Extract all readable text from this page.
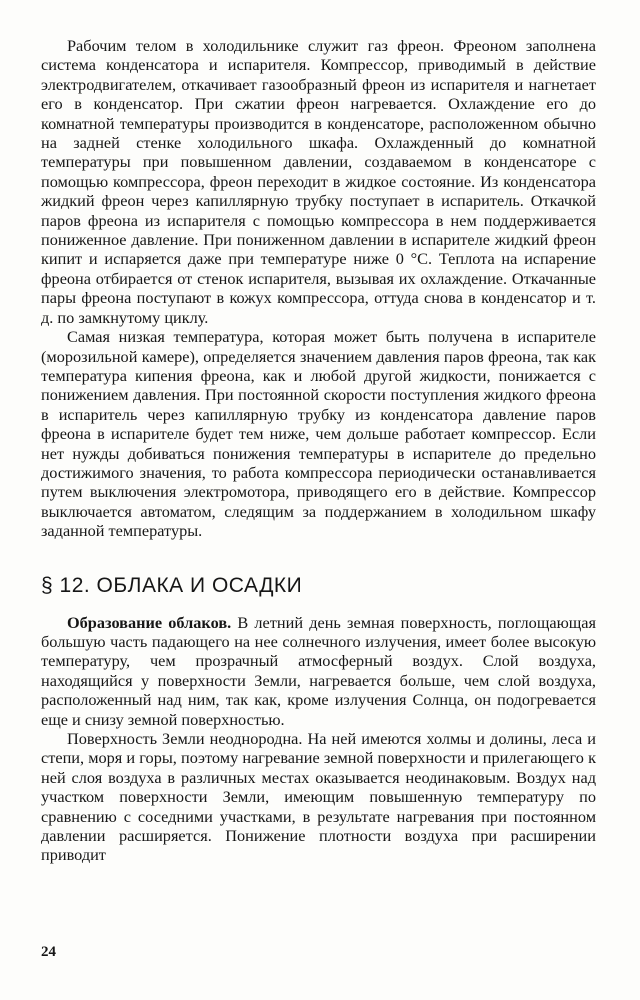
Рабочим телом в холодильнике служит газ фреон. Фреоном заполнена система конденсатора и испарителя. Компрессор, приводимый в действие электродвигателем, откачивает газообразный фреон из испарителя и нагнетает его в конденсатор. При сжатии фреон нагревается. Охлаждение его до комнатной температуры производится в конденсаторе, расположенном обычно на задней стенке холодильного шкафа. Охлажденный до комнатной температуры при повышенном давлении, создаваемом в конденсаторе с помощью компрессора, фреон переходит в жидкое состояние. Из конденсатора жидкий фреон через капиллярную трубку поступает в испаритель. Откачкой паров фреона из испарителя с помощью компрессора в нем поддерживается пониженное давление. При пониженном давлении в испарителе жидкий фреон кипит и испаряется даже при температуре ниже 0 °С. Теплота на испарение фреона отбирается от стенок испарителя, вызывая их охлаждение. Откачанные пары фреона поступают в кожух компрессора, оттуда снова в конденсатор и т. д. по замкнутому циклу.

Самая низкая температура, которая может быть получена в испарителе (морозильной камере), определяется значением давления паров фреона, так как температура кипения фреона, как и любой другой жидкости, понижается с понижением давления. При постоянной скорости поступления жидкого фреона в испаритель через капиллярную трубку из конденсатора давление паров фреона в испарителе будет тем ниже, чем дольше работает компрессор. Если нет нужды добиваться понижения температуры в испарителе до предельно достижимого значения, то работа компрессора периодически останавливается путем выключения электромотора, приводящего его в действие. Компрессор выключается автоматом, следящим за поддержанием в холодильном шкафу заданной температуры.

§ 12. ОБЛАКА И ОСАДКИ

Образование облаков. В летний день земная поверхность, поглощающая большую часть падающего на нее солнечного излучения, имеет более высокую температуру, чем прозрачный атмосферный воздух. Слой воздуха, находящийся у поверхности Земли, нагревается больше, чем слой воздуха, расположенный над ним, так как, кроме излучения Солнца, он подогревается еще и снизу земной поверхностью.

Поверхность Земли неоднородна. На ней имеются холмы и долины, леса и степи, моря и горы, поэтому нагревание земной поверхности и прилегающего к ней слоя воздуха в различных местах оказывается неодинаковым. Воздух над участком поверхности Земли, имеющим повышенную температуру по сравнению с соседними участками, в результате нагревания при постоянном давлении расширяется. Понижение плотности воздуха при расширении приводит

24
